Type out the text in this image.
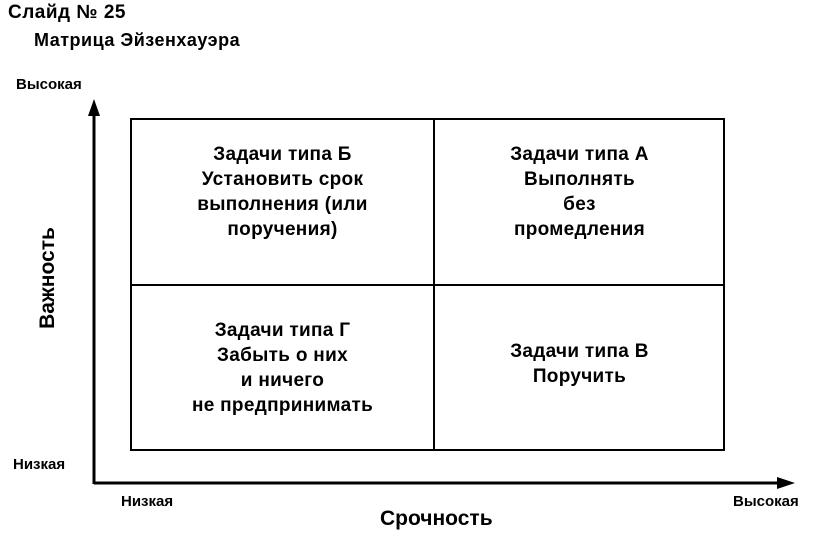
Слайд № 25
Матрица Эйзенхауэра
Высокая
Низкая
Низкая	Высокая
Важность
Срочность
Задачи типа Б
Установить срок
выполнения (или
поручения)
Задачи типа А
Выполнять
без
промедления
Задачи типа Г
Забыть о них
и ничего
не предпринимать
Задачи типа В
Поручить
